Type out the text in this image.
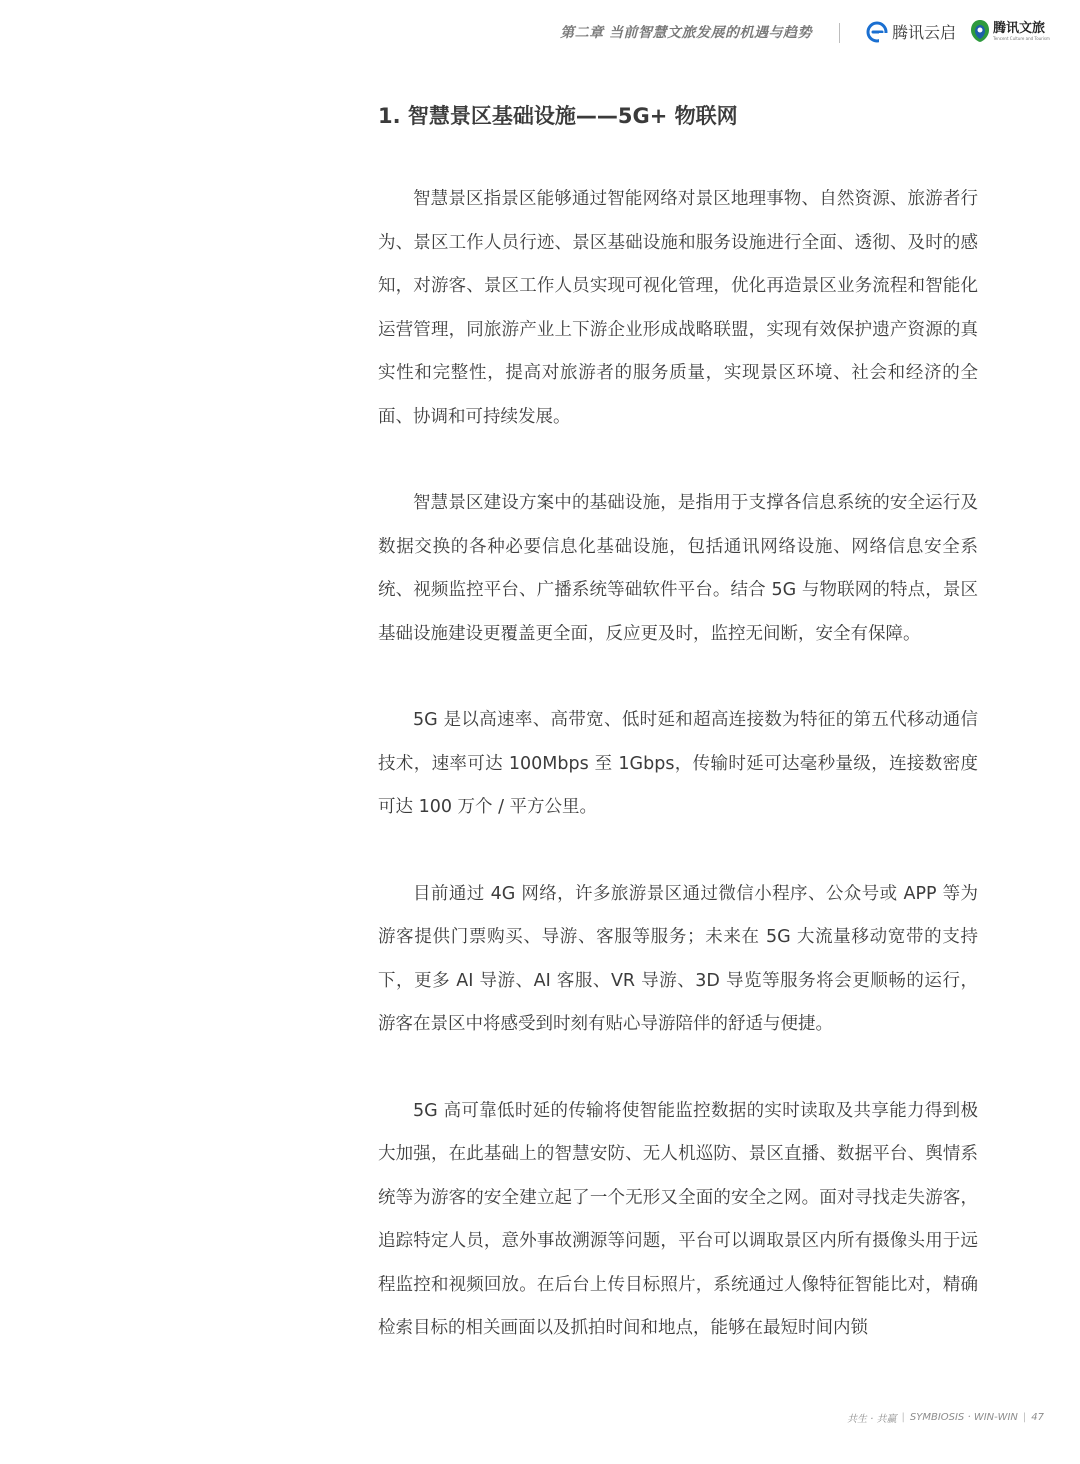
第二章 当前智慧文旅发展的机遇与趋势	腾讯云启	腾讯文旅
Tencent Culture and Tourism
1. 智慧景区基础设施——5G+ 物联网

智慧景区指景区能够通过智能网络对景区地理事物、自然资源、旅游者行为、景区工作人员行迹、景区基础设施和服务设施进行全面、透彻、及时的感知，对游客、景区工作人员实现可视化管理，优化再造景区业务流程和智能化运营管理，同旅游产业上下游企业形成战略联盟，实现有效保护遗产资源的真实性和完整性，提高对旅游者的服务质量，实现景区环境、社会和经济的全面、协调和可持续发展。

智慧景区建设方案中的基础设施，是指用于支撑各信息系统的安全运行及数据交换的各种必要信息化基础设施，包括通讯网络设施、网络信息安全系统、视频监控平台、广播系统等础软件平台。结合 5G 与物联网的特点，景区基础设施建设更覆盖更全面，反应更及时，监控无间断，安全有保障。

5G 是以高速率、高带宽、低时延和超高连接数为特征的第五代移动通信技术，速率可达 100Mbps 至 1Gbps，传输时延可达毫秒量级，连接数密度可达 100 万个 / 平方公里。

目前通过 4G 网络，许多旅游景区通过微信小程序、公众号或 APP 等为游客提供门票购买、导游、客服等服务；未来在 5G 大流量移动宽带的支持下，更多 AI 导游、AI 客服、VR 导游、3D 导览等服务将会更顺畅的运行，游客在景区中将感受到时刻有贴心导游陪伴的舒适与便捷。

5G 高可靠低时延的传输将使智能监控数据的实时读取及共享能力得到极大加强，在此基础上的智慧安防、无人机巡防、景区直播、数据平台、舆情系统等为游客的安全建立起了一个无形又全面的安全之网。面对寻找走失游客，追踪特定人员，意外事故溯源等问题，平台可以调取景区内所有摄像头用于远程监控和视频回放。在后台上传目标照片，系统通过人像特征智能比对，精确检索目标的相关画面以及抓拍时间和地点，能够在最短时间内锁

共生 · 共赢 | SYMBIOSIS · WIN-WIN | 47
